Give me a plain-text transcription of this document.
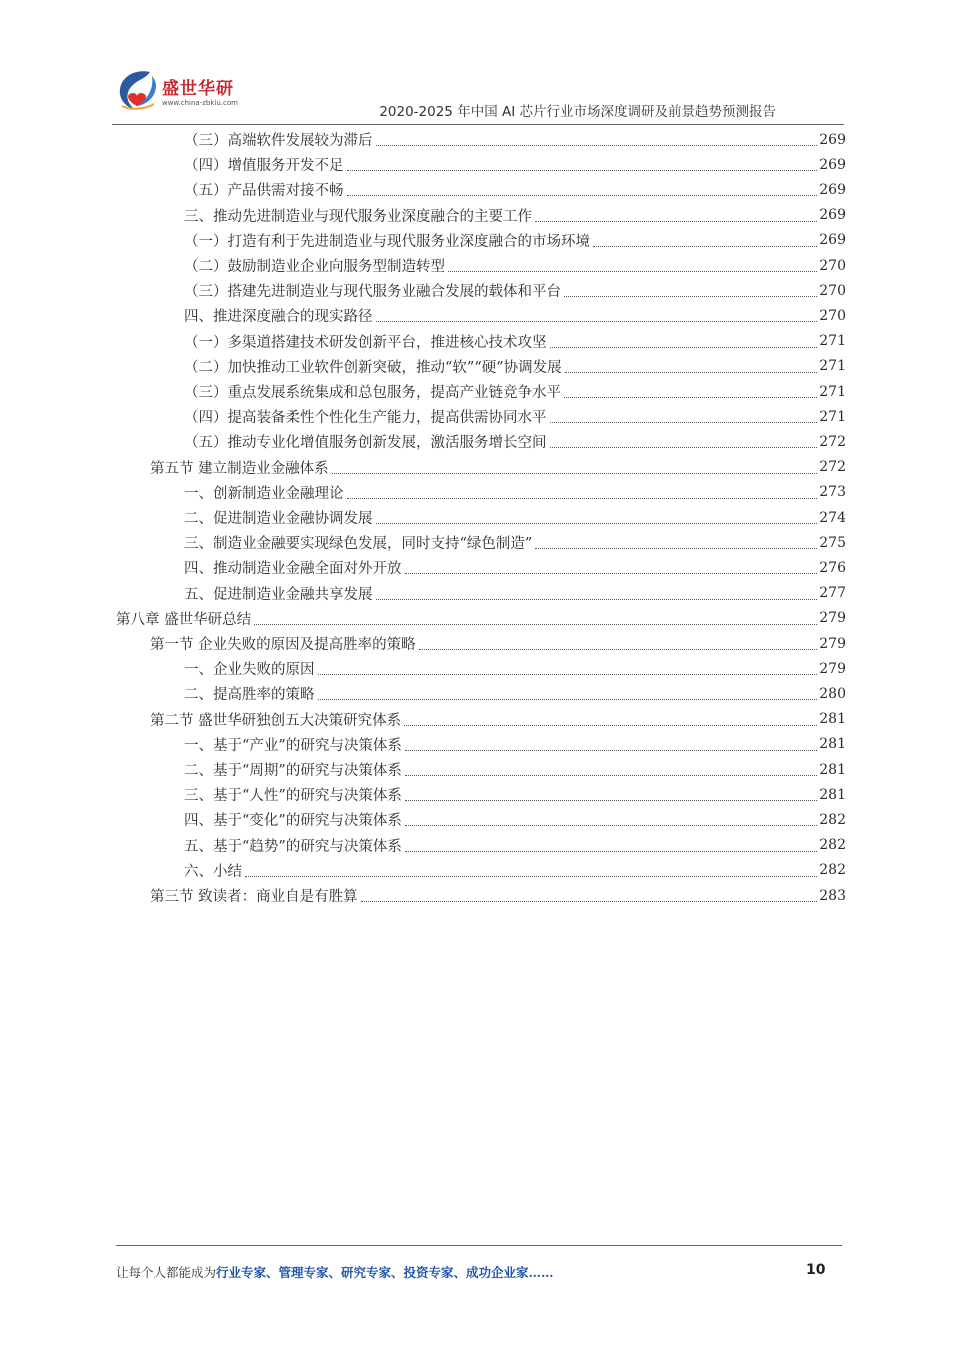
盛世华研
www.china-zbkiu.com
2020-2025 年中国 AI 芯片行业市场深度调研及前景趋势预测报告
（三）高端软件发展较为滞后	269
（四）增值服务开发不足	269
（五）产品供需对接不畅	269
三、推动先进制造业与现代服务业深度融合的主要工作	269
（一）打造有利于先进制造业与现代服务业深度融合的市场环境	269
（二）鼓励制造业企业向服务型制造转型	270
（三）搭建先进制造业与现代服务业融合发展的载体和平台	270
四、推进深度融合的现实路径	270
（一）多渠道搭建技术研发创新平台，推进核心技术攻坚	271
（二）加快推动工业软件创新突破，推动“软”“硬”协调发展	271
（三）重点发展系统集成和总包服务，提高产业链竞争水平	271
（四）提高装备柔性个性化生产能力，提高供需协同水平	271
（五）推动专业化增值服务创新发展，激活服务增长空间	272
第五节 建立制造业金融体系	272
一、创新制造业金融理论	273
二、促进制造业金融协调发展	274
三、制造业金融要实现绿色发展，同时支持“绿色制造”	275
四、推动制造业金融全面对外开放	276
五、促进制造业金融共享发展	277
第八章 盛世华研总结	279
第一节 企业失败的原因及提高胜率的策略	279
一、企业失败的原因	279
二、提高胜率的策略	280
第二节 盛世华研独创五大决策研究体系	281
一、基于“产业”的研究与决策体系	281
二、基于“周期”的研究与决策体系	281
三、基于“人性”的研究与决策体系	281
四、基于“变化”的研究与决策体系	282
五、基于“趋势”的研究与决策体系	282
六、小结	282
第三节 致读者：商业自是有胜算	283
让每个人都能成为行业专家、管理专家、研究专家、投资专家、成功企业家……	10
